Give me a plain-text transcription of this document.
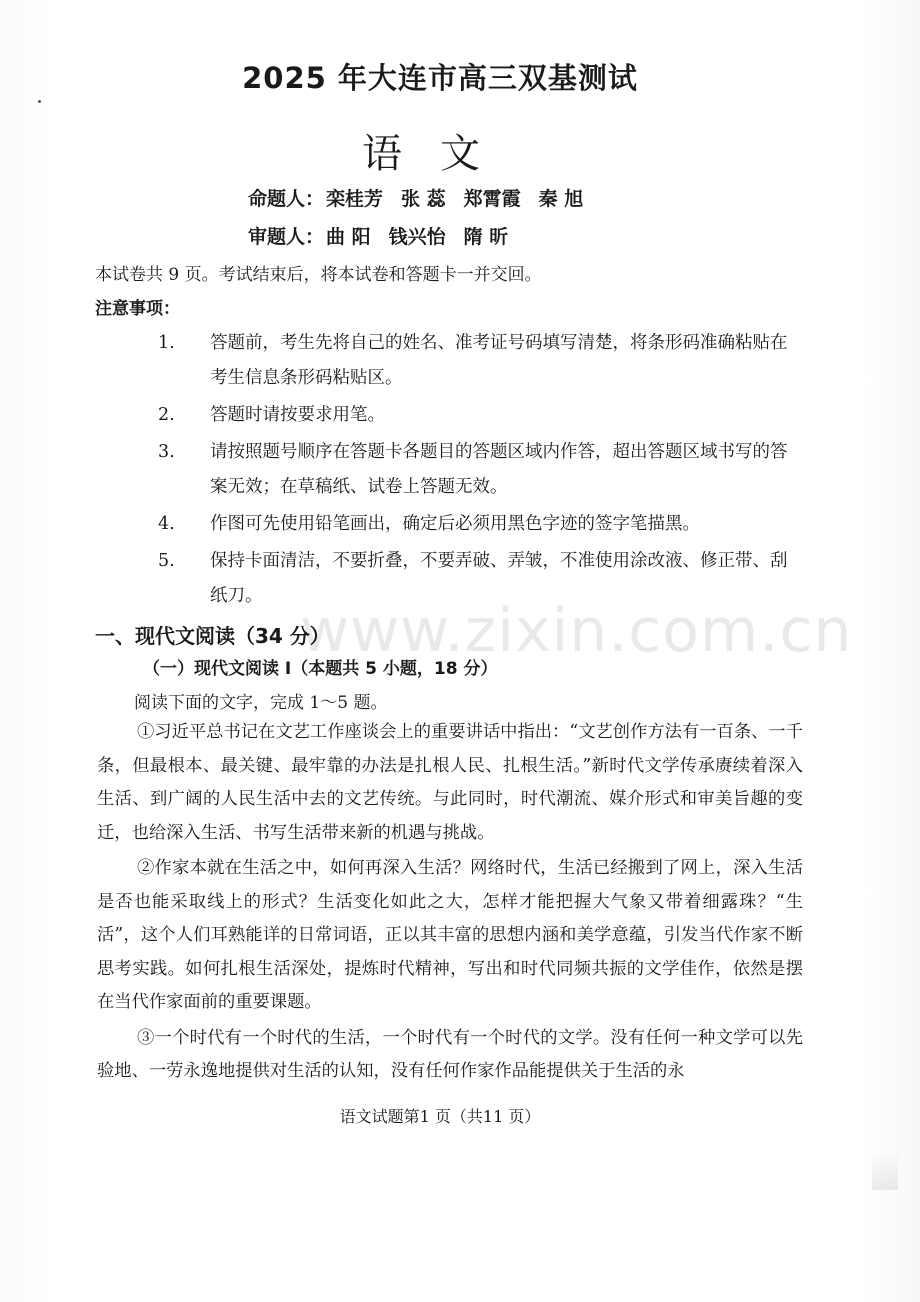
2025 年大连市高三双基测试
语文
命题人： 栾桂芳 张 蕊 郑霄霞 秦 旭
审题人： 曲 阳 钱兴怡 隋 昕
本试卷共 9 页。考试结束后，将本试卷和答题卡一并交回。
注意事项：
1. 答题前，考生先将自己的姓名、准考证号码填写清楚，将条形码准确粘贴在考生信息条形码粘贴区。
2. 答题时请按要求用笔。
3. 请按照题号顺序在答题卡各题目的答题区域内作答，超出答题区域书写的答案无效；在草稿纸、试卷上答题无效。
4. 作图可先使用铅笔画出，确定后必须用黑色字迹的签字笔描黑。
5. 保持卡面清洁，不要折叠，不要弄破、弄皱，不准使用涂改液、修正带、刮纸刀。 www.zixin.com.cn
一、现代文阅读（34 分）
（一）现代文阅读 I（本题共 5 小题，18 分）
阅读下面的文字，完成 1～5 题。

①习近平总书记在文艺工作座谈会上的重要讲话中指出：“文艺创作方法有一百条、一千条，但最根本、最关键、最牢靠的办法是扎根人民、扎根生活。”新时代文学传承赓续着深入生活、到广阔的人民生活中去的文艺传统。与此同时，时代潮流、媒介形式和审美旨趣的变迁，也给深入生活、书写生活带来新的机遇与挑战。

②作家本就在生活之中，如何再深入生活？网络时代，生活已经搬到了网上，深入生活是否也能采取线上的形式？生活变化如此之大，怎样才能把握大气象又带着细露珠？“生活”，这个人们耳熟能详的日常词语，正以其丰富的思想内涵和美学意蕴，引发当代作家不断思考实践。如何扎根生活深处，提炼时代精神，写出和时代同频共振的文学佳作，依然是摆在当代作家面前的重要课题。

③一个时代有一个时代的生活，一个时代有一个时代的文学。没有任何一种文学可以先验地、一劳永逸地提供对生活的认知，没有任何作家作品能提供关于生活的永

语文试题第1 页（共11 页）
